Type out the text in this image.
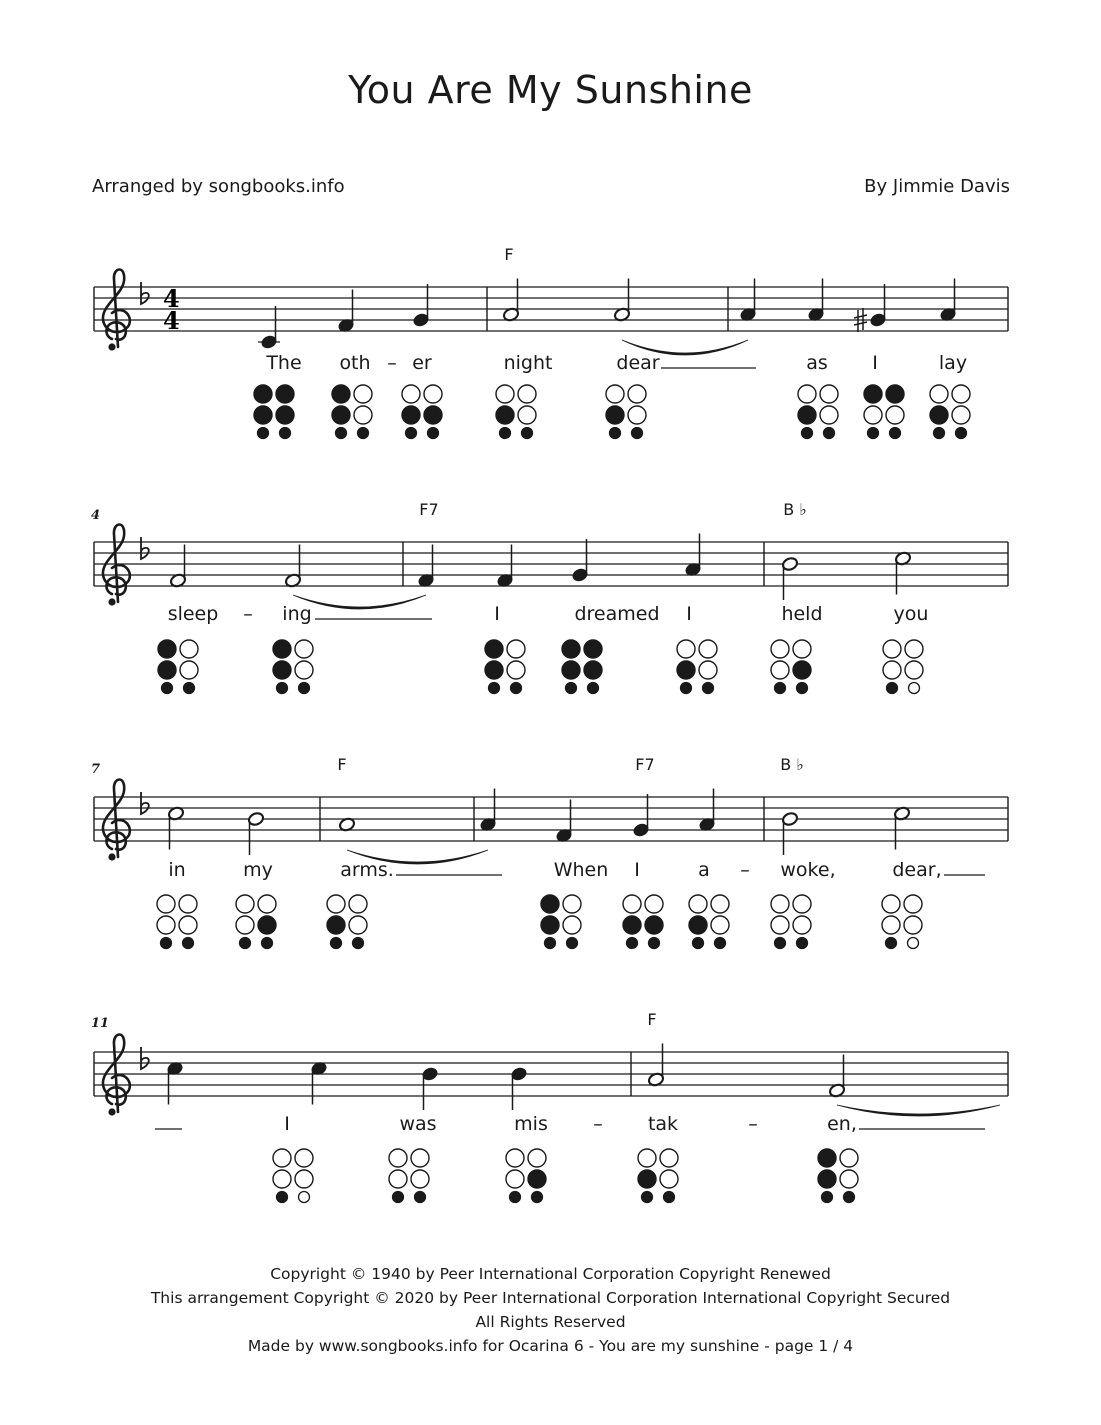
You Are My Sunshine
Arranged by songbooks.info	By Jimmie Davis
4
4
F
The oth – er	night	dear	as I	lay
4	F7	B ♭
sleep – ing	I	dreamed I	held	you
7	F	F7	B ♭
in	my	arms.	When I	a – woke,	dear,
11	F
I	was	mis – tak	–	en,
Copyright © 1940 by Peer International Corporation Copyright Renewed
This arrangement Copyright © 2020 by Peer International Corporation International Copyright Secured
All Rights Reserved
Made by www.songbooks.info for Ocarina 6 - You are my sunshine - page 1 / 4
